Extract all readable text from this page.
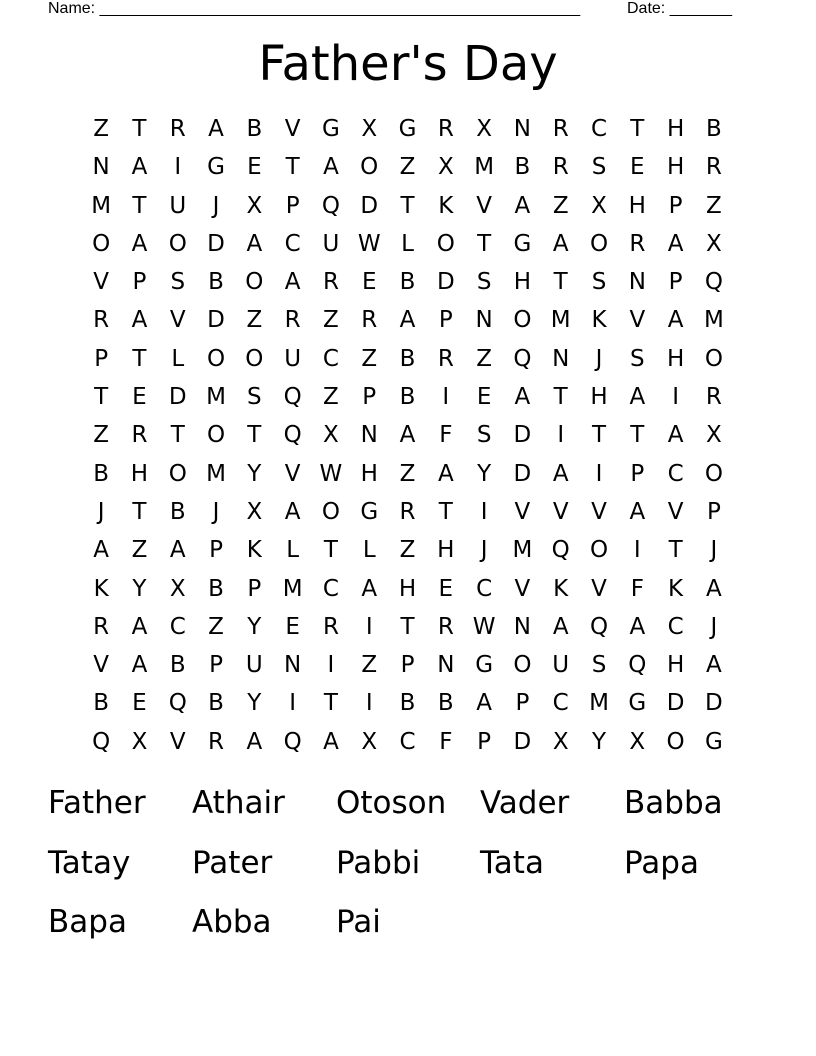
Name: ______________________________________________________	Date: _______
Father's Day
Z	T	R A B V G X G R X N R C	T H B
N A	I	G E	T	A O Z X M B R	S	E H R
M T U	J	X	P Q D T	K V A Z X H P	Z
O A O D A C U W L O T G A O R A X
V	P	S	B O A R	E	B D S H T	S N P Q
R A V D Z R Z R A	P N O M K V A M
P	T	L O O U C Z B R Z Q N	J	S H O
T	E D M S Q Z	P	B	I	E	A	T H A	I	R
Z R	T O T Q X N A	F	S D	I	T	T	A X
B H O M Y	V W H Z A	Y D A	I	P	C O
J	T	B	J	X A O G R	T	I	V V V A V	P
A Z A	P	K	L	T	L	Z H	J	M Q O	I	T	J
K	Y	X B	P M C A H E C V K V	F	K A
R A C Z	Y	E	R	I	T	R W N A Q A C	J
V A B	P U N	I	Z	P N G O U S Q H A
B	E Q B	Y	I	T	I	B B A	P	C M G D D
Q X V R A Q A X C	F	P D X	Y	X O G
Father	Athair	Otoson	Vader	Babba
Tatay	Pater	Pabbi	Tata	Papa
Bapa	Abba	Pai
